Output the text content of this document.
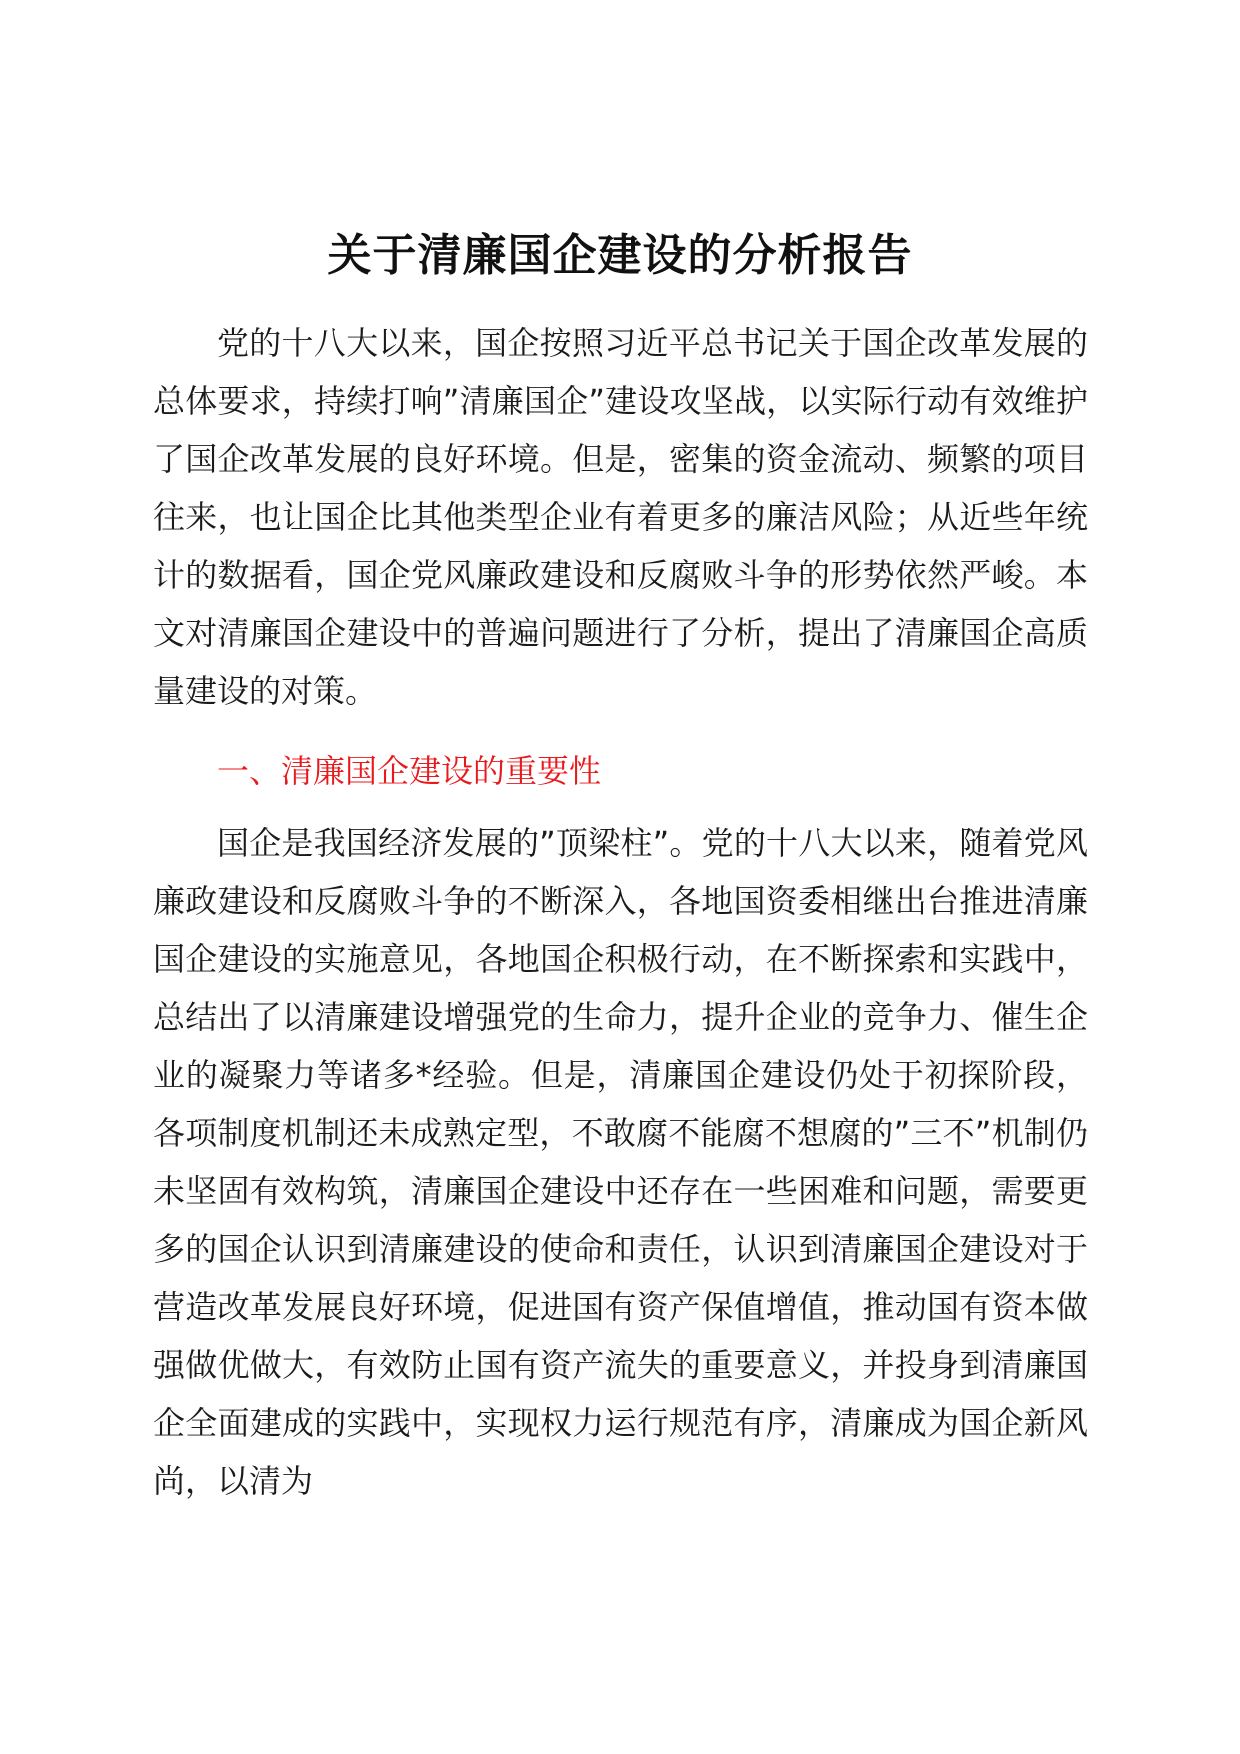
关于清廉国企建设的分析报告

党的十八大以来，国企按照习近平总书记关于国企改革发展的总体要求，持续打响”清廉国企”建设攻坚战，以实际行动有效维护了国企改革发展的良好环境。但是，密集的资金流动、频繁的项目往来，也让国企比其他类型企业有着更多的廉洁风险；从近些年统计的数据看，国企党风廉政建设和反腐败斗争的形势依然严峻。本文对清廉国企建设中的普遍问题进行了分析，提出了清廉国企高质量建设的对策。

一、清廉国企建设的重要性

国企是我国经济发展的”顶梁柱”。党的十八大以来，随着党风廉政建设和反腐败斗争的不断深入，各地国资委相继出台推进清廉国企建设的实施意见，各地国企积极行动，在不断探索和实践中，总结出了以清廉建设增强党的生命力，提升企业的竞争力、催生企业的凝聚力等诸多*经验。但是，清廉国企建设仍处于初探阶段，各项制度机制还未成熟定型，不敢腐不能腐不想腐的”三不”机制仍未坚固有效构筑，清廉国企建设中还存在一些困难和问题，需要更多的国企认识到清廉建设的使命和责任，认识到清廉国企建设对于营造改革发展良好环境，促进国有资产保值增值，推动国有资本做强做优做大，有效防止国有资产流失的重要意义，并投身到清廉国企全面建成的实践中，实现权力运行规范有序，清廉成为国企新风尚，以清为
